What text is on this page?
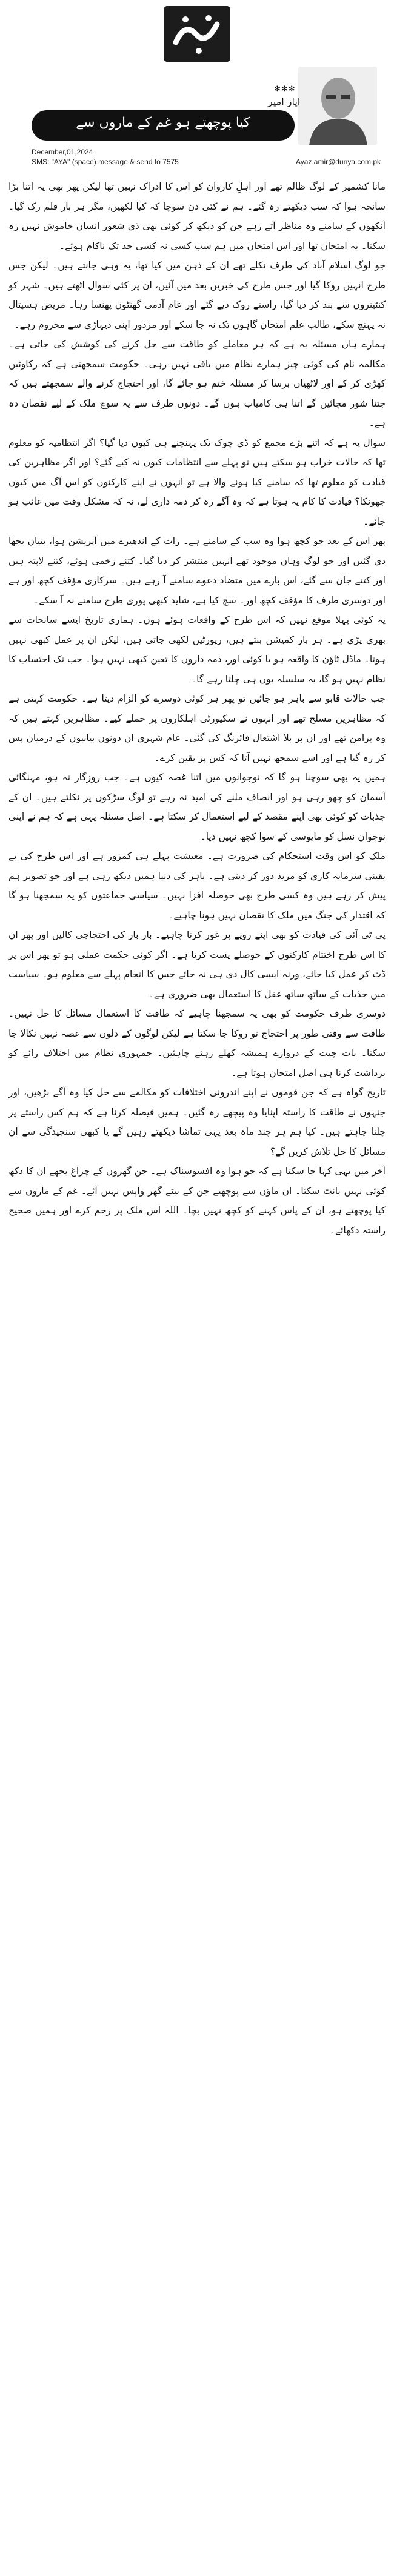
✻✻✻
ایاز امیر
کیا پوچھتے ہو غم کے ماروں سے
December,01,2024
SMS: "AYA" (space) message & send to 7575	Ayaz.amir@dunya.com.pk

مانا کشمیر کے لوگ ظالم تھے اور اہلِ کاروان کو اس کا ادراک نہیں تھا لیکن پھر بھی یہ اتنا بڑا سانحہ ہوا کہ سب دیکھتے رہ گئے۔ ہم نے کئی دن سوچا کہ کیا لکھیں، مگر ہر بار قلم رک گیا۔ آنکھوں کے سامنے وہ مناظر آتے رہے جن کو دیکھ کر کوئی بھی ذی شعور انسان خاموش نہیں رہ سکتا۔ یہ امتحان تھا اور اس امتحان میں ہم سب کسی نہ کسی حد تک ناکام ہوئے۔

جو لوگ اسلام آباد کی طرف نکلے تھے ان کے ذہن میں کیا تھا، یہ وہی جانتے ہیں۔ لیکن جس طرح انہیں روکا گیا اور جس طرح کی خبریں بعد میں آئیں، ان پر کئی سوال اٹھتے ہیں۔ شہر کو کنٹینروں سے بند کر دیا گیا، راستے روک دیے گئے اور عام آدمی گھنٹوں پھنسا رہا۔ مریض ہسپتال نہ پہنچ سکے، طالب علم امتحان گاہوں تک نہ جا سکے اور مزدور اپنی دیہاڑی سے محروم رہے۔

ہمارے ہاں مسئلہ یہ ہے کہ ہر معاملے کو طاقت سے حل کرنے کی کوشش کی جاتی ہے۔ مکالمہ نام کی کوئی چیز ہمارے نظام میں باقی نہیں رہی۔ حکومت سمجھتی ہے کہ رکاوٹیں کھڑی کر کے اور لاٹھیاں برسا کر مسئلہ ختم ہو جائے گا، اور احتجاج کرنے والے سمجھتے ہیں کہ جتنا شور مچائیں گے اتنا ہی کامیاب ہوں گے۔ دونوں طرف سے یہ سوچ ملک کے لیے نقصان دہ ہے۔

سوال یہ ہے کہ اتنے بڑے مجمع کو ڈی چوک تک پہنچنے ہی کیوں دیا گیا؟ اگر انتظامیہ کو معلوم تھا کہ حالات خراب ہو سکتے ہیں تو پہلے سے انتظامات کیوں نہ کیے گئے؟ اور اگر مظاہرین کی قیادت کو معلوم تھا کہ سامنے کیا ہونے والا ہے تو انہوں نے اپنے کارکنوں کو اس آگ میں کیوں جھونکا؟ قیادت کا کام یہ ہوتا ہے کہ وہ آگے رہ کر ذمہ داری لے، نہ کہ مشکل وقت میں غائب ہو جائے۔

پھر اس کے بعد جو کچھ ہوا وہ سب کے سامنے ہے۔ رات کے اندھیرے میں آپریشن ہوا، بتیاں بجھا دی گئیں اور جو لوگ وہاں موجود تھے انہیں منتشر کر دیا گیا۔ کتنے زخمی ہوئے، کتنے لاپتہ ہیں اور کتنے جان سے گئے، اس بارے میں متضاد دعوے سامنے آ رہے ہیں۔ سرکاری مؤقف کچھ اور ہے اور دوسری طرف کا مؤقف کچھ اور۔ سچ کیا ہے، شاید کبھی پوری طرح سامنے نہ آ سکے۔

یہ کوئی پہلا موقع نہیں کہ اس طرح کے واقعات ہوئے ہوں۔ ہماری تاریخ ایسے سانحات سے بھری پڑی ہے۔ ہر بار کمیشن بنتے ہیں، رپورٹیں لکھی جاتی ہیں، لیکن ان پر عمل کبھی نہیں ہوتا۔ ماڈل ٹاؤن کا واقعہ ہو یا کوئی اور، ذمہ داروں کا تعین کبھی نہیں ہوا۔ جب تک احتساب کا نظام نہیں ہو گا، یہ سلسلہ یوں ہی چلتا رہے گا۔

جب حالات قابو سے باہر ہو جائیں تو پھر ہر کوئی دوسرے کو الزام دیتا ہے۔ حکومت کہتی ہے کہ مظاہرین مسلح تھے اور انہوں نے سکیورٹی اہلکاروں پر حملے کیے۔ مظاہرین کہتے ہیں کہ وہ پرامن تھے اور ان پر بلا اشتعال فائرنگ کی گئی۔ عام شہری ان دونوں بیانیوں کے درمیان پس کر رہ گیا ہے اور اسے سمجھ نہیں آتا کہ کس پر یقین کرے۔

ہمیں یہ بھی سوچنا ہو گا کہ نوجوانوں میں اتنا غصہ کیوں ہے۔ جب روزگار نہ ہو، مہنگائی آسمان کو چھو رہی ہو اور انصاف ملنے کی امید نہ رہے تو لوگ سڑکوں پر نکلتے ہیں۔ ان کے جذبات کو کوئی بھی اپنے مقصد کے لیے استعمال کر سکتا ہے۔ اصل مسئلہ یہی ہے کہ ہم نے اپنی نوجوان نسل کو مایوسی کے سوا کچھ نہیں دیا۔

ملک کو اس وقت استحکام کی ضرورت ہے۔ معیشت پہلے ہی کمزور ہے اور اس طرح کی بے یقینی سرمایہ کاری کو مزید دور کر دیتی ہے۔ باہر کی دنیا ہمیں دیکھ رہی ہے اور جو تصویر ہم پیش کر رہے ہیں وہ کسی طرح بھی حوصلہ افزا نہیں۔ سیاسی جماعتوں کو یہ سمجھنا ہو گا کہ اقتدار کی جنگ میں ملک کا نقصان نہیں ہونا چاہیے۔

پی ٹی آئی کی قیادت کو بھی اپنے رویے پر غور کرنا چاہیے۔ بار بار کی احتجاجی کالیں اور پھر ان کا اس طرح اختتام کارکنوں کے حوصلے پست کرتا ہے۔ اگر کوئی حکمت عملی ہو تو پھر اس پر ڈٹ کر عمل کیا جائے، ورنہ ایسی کال دی ہی نہ جائے جس کا انجام پہلے سے معلوم ہو۔ سیاست میں جذبات کے ساتھ ساتھ عقل کا استعمال بھی ضروری ہے۔

دوسری طرف حکومت کو بھی یہ سمجھنا چاہیے کہ طاقت کا استعمال مسائل کا حل نہیں۔ طاقت سے وقتی طور پر احتجاج تو روکا جا سکتا ہے لیکن لوگوں کے دلوں سے غصہ نہیں نکالا جا سکتا۔ بات چیت کے دروازے ہمیشہ کھلے رہنے چاہئیں۔ جمہوری نظام میں اختلاف رائے کو برداشت کرنا ہی اصل امتحان ہوتا ہے۔

تاریخ گواہ ہے کہ جن قوموں نے اپنے اندرونی اختلافات کو مکالمے سے حل کیا وہ آگے بڑھیں، اور جنہوں نے طاقت کا راستہ اپنایا وہ پیچھے رہ گئیں۔ ہمیں فیصلہ کرنا ہے کہ ہم کس راستے پر چلنا چاہتے ہیں۔ کیا ہم ہر چند ماہ بعد یہی تماشا دیکھتے رہیں گے یا کبھی سنجیدگی سے ان مسائل کا حل تلاش کریں گے؟

آخر میں یہی کہا جا سکتا ہے کہ جو ہوا وہ افسوسناک ہے۔ جن گھروں کے چراغ بجھے ان کا دکھ کوئی نہیں بانٹ سکتا۔ ان ماؤں سے پوچھیے جن کے بیٹے گھر واپس نہیں آئے۔ غم کے ماروں سے کیا پوچھتے ہو، ان کے پاس کہنے کو کچھ نہیں بچا۔ اللہ اس ملک پر رحم کرے اور ہمیں صحیح راستہ دکھائے۔
